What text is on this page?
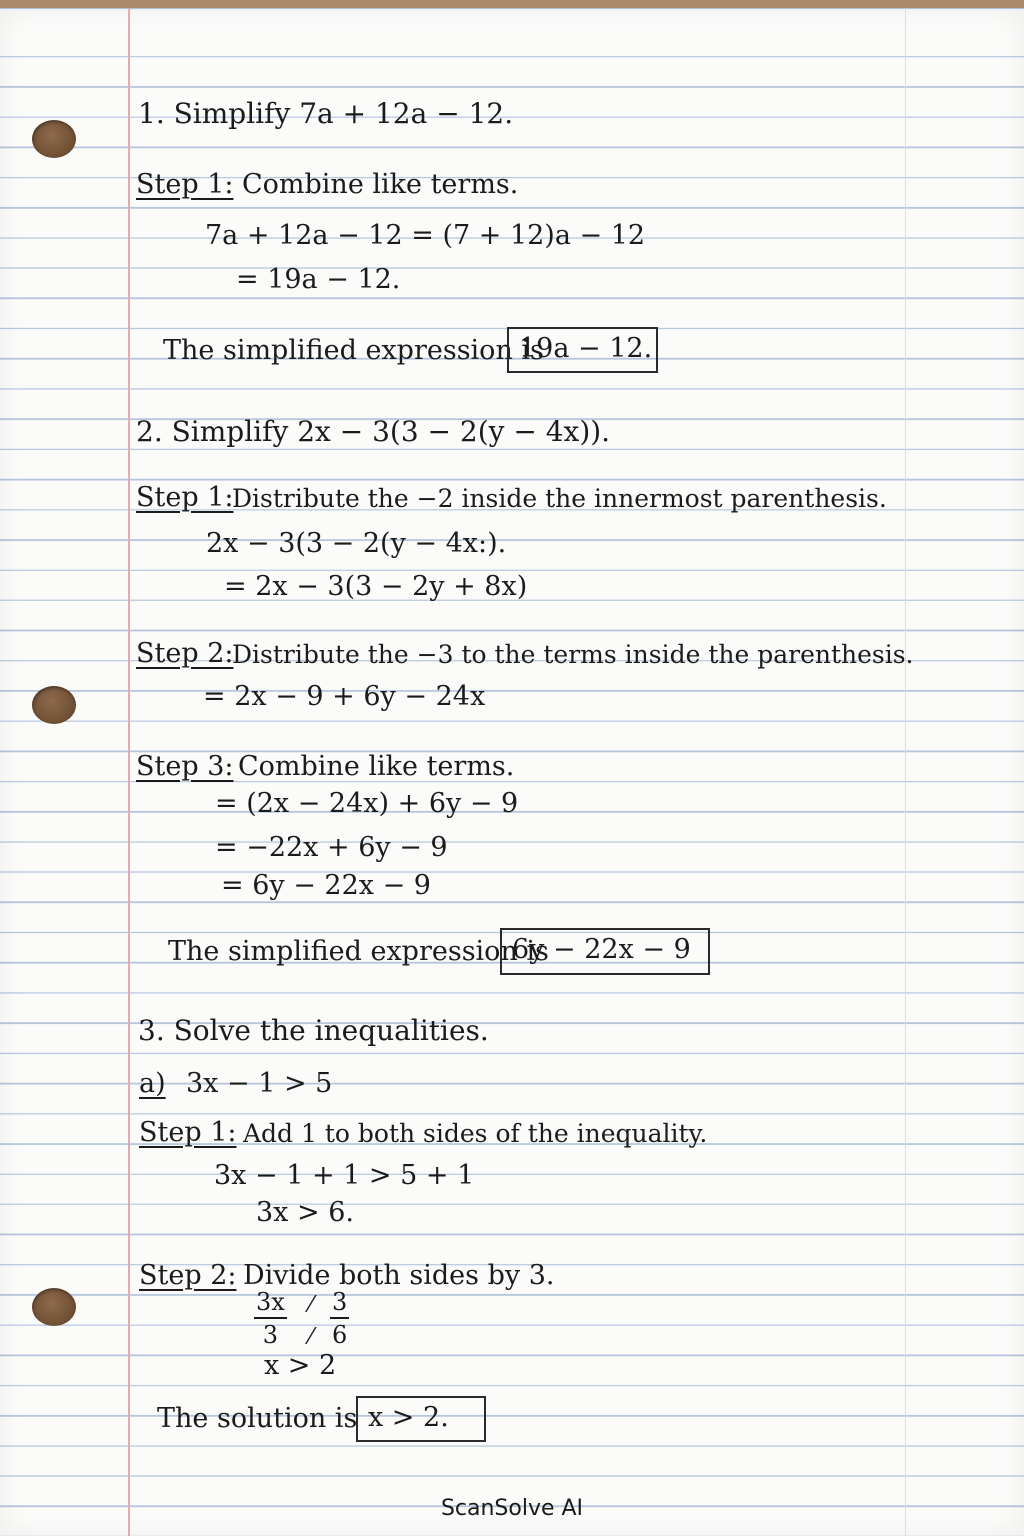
1. Simplify 7a + 12a − 12.
Step 1: Combine like terms.
7a + 12a − 12 = (7 + 12)a − 12
= 19a − 12.
The simplified expression is
19a − 12.
2. Simplify 2x − 3(3 − 2(y − 4x)).
Step 1:
Distribute the −2 inside the innermost parenthesis.
2x − 3(3 − 2(y − 4x:).
= 2x − 3(3 − 2y + 8x)
Step 2:
Distribute the −3 to the terms inside the parenthesis.
= 2x − 9 + 6y − 24x
Step 3: Combine like terms.
= (2x − 24x) + 6y − 9
= −22x + 6y − 9
= 6y − 22x − 9
The simplified expression is
6y − 22x − 9
3. Solve the inequalities.
a) 3x − 1 > 5
Step 1: Add 1 to both sides of the inequality.
3x − 1 + 1 > 5 + 1
3x > 6.
Step 2: Divide both sides by 3.
$\frac{3x}{3}$ ⁄
⁄ $\frac{3}{6}$
x > 2
The solution is x > 2.
ScanSolve AI
